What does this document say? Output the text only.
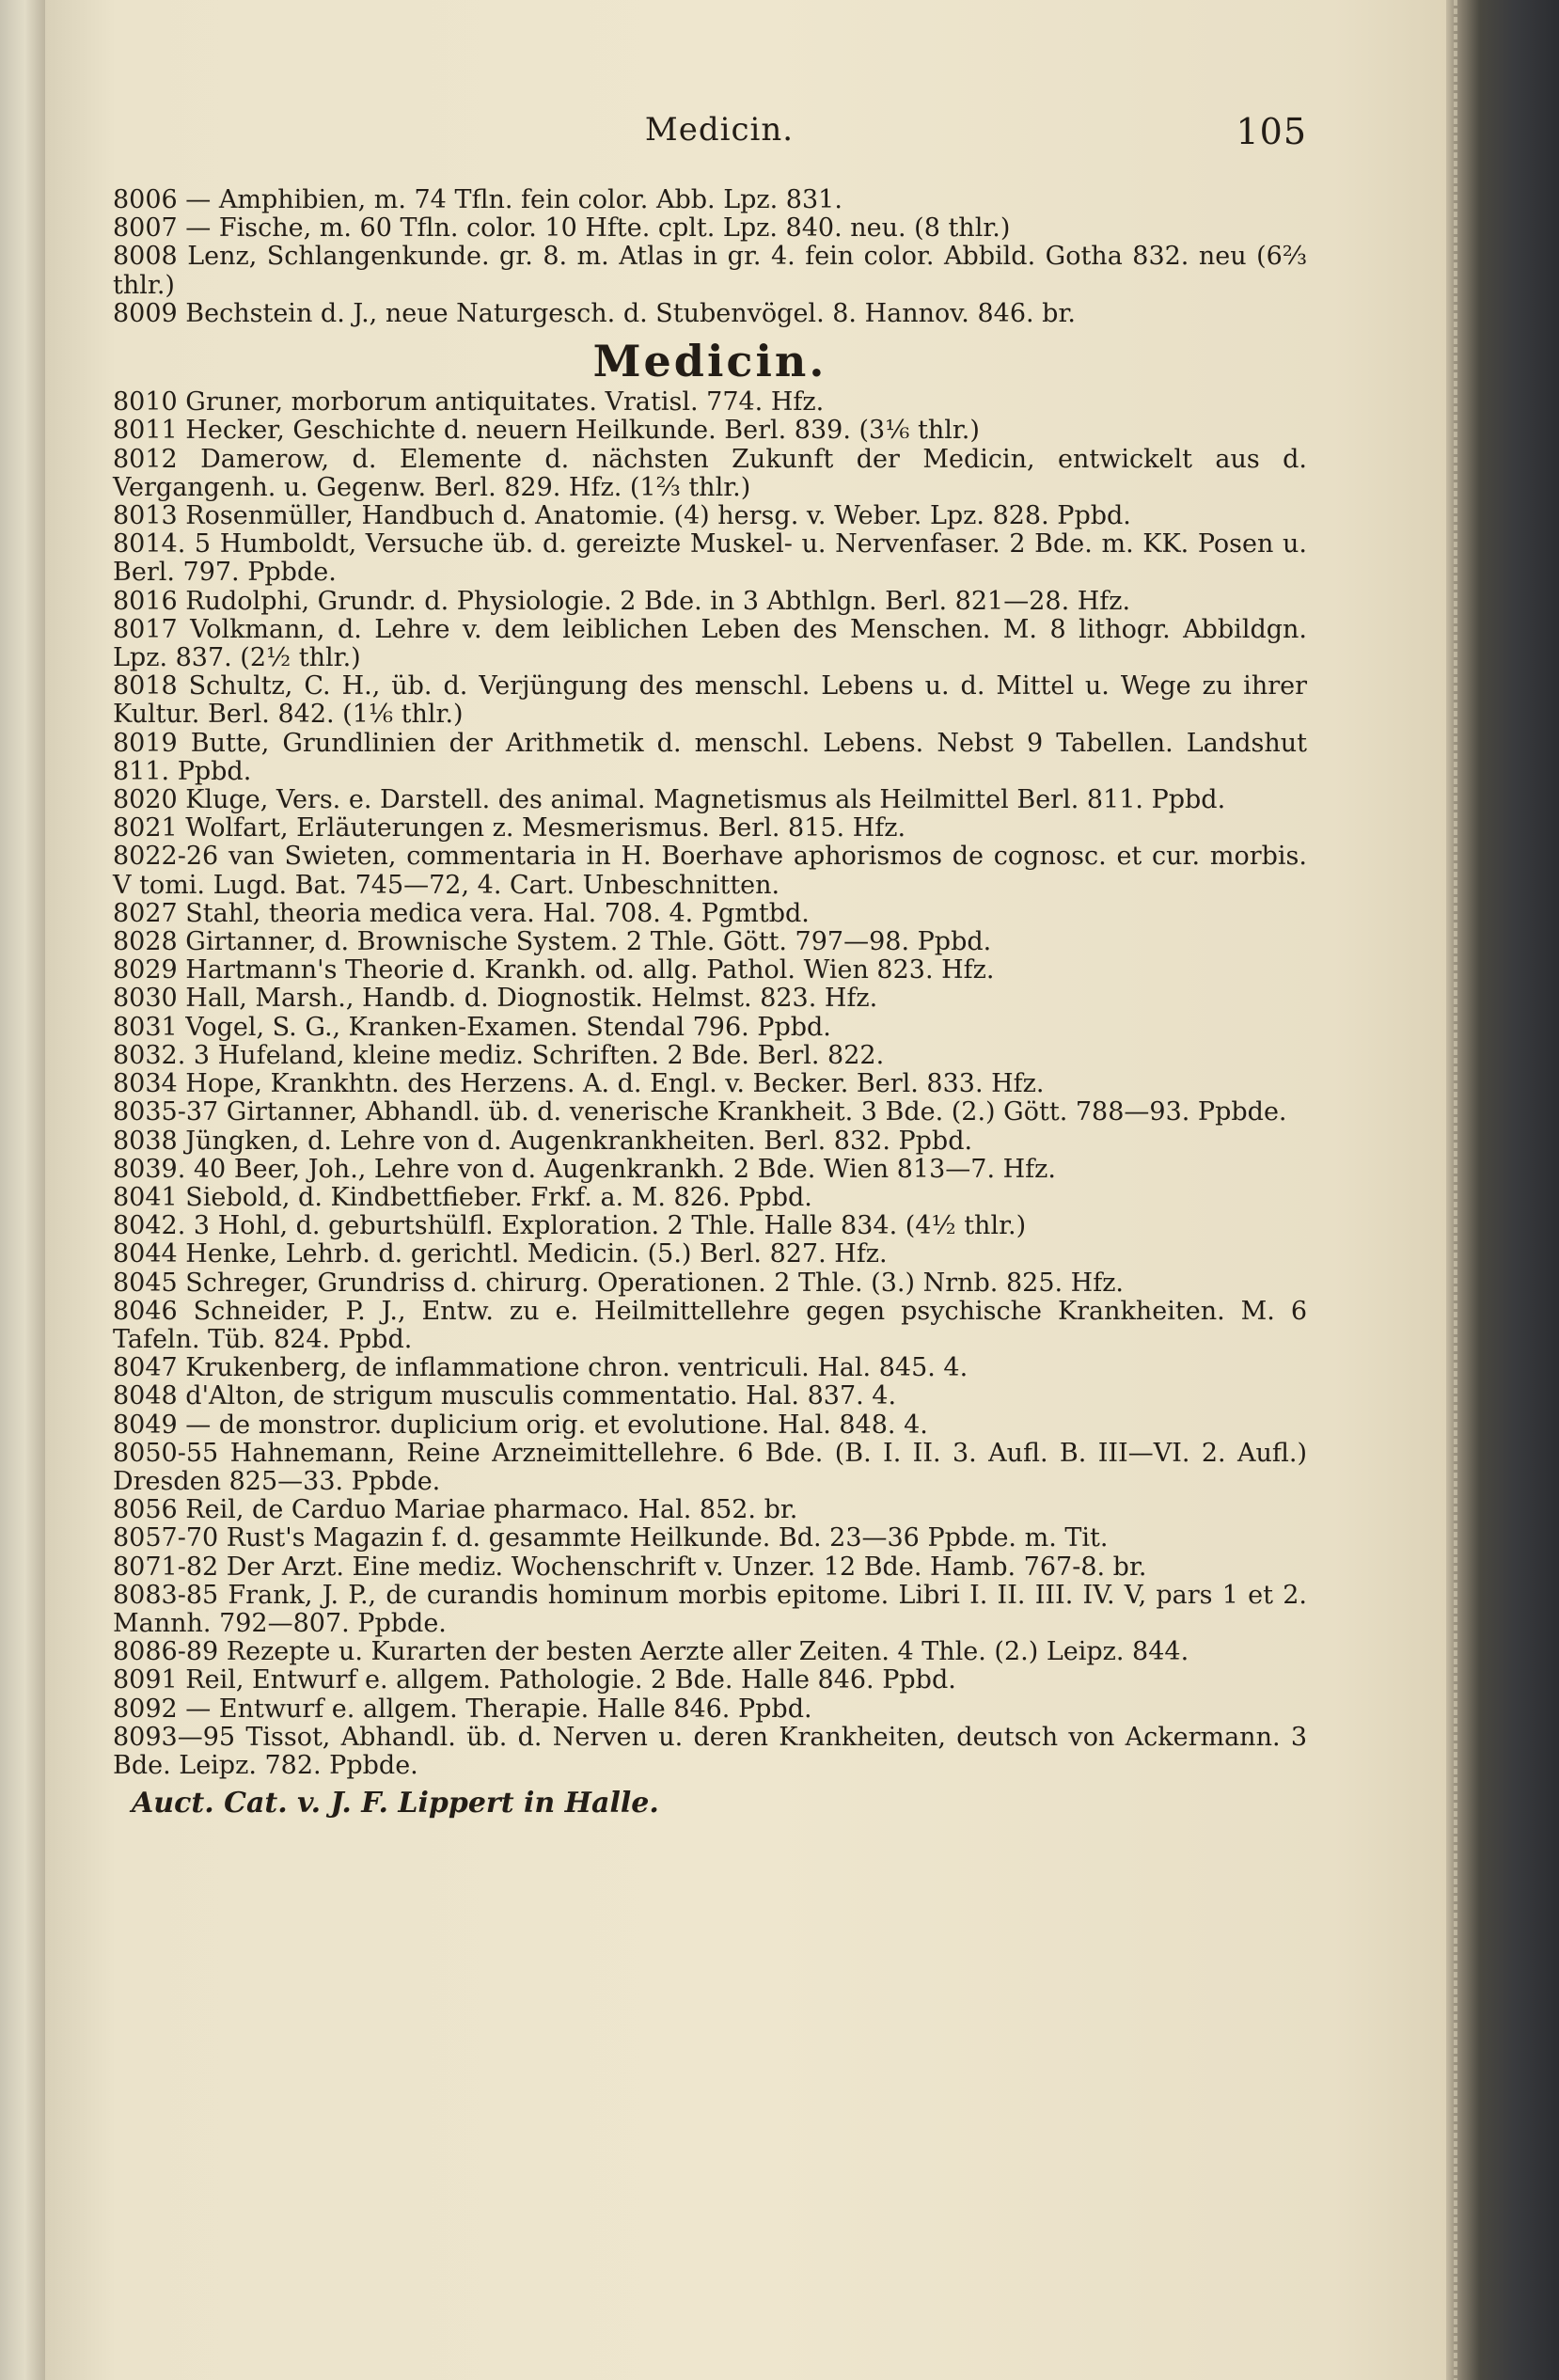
Medicin.	105
8006 — Amphibien, m. 74 Tfln. fein color. Abb. Lpz. 831.
8007 — Fische, m. 60 Tfln. color. 10 Hfte. cplt. Lpz. 840. neu. (8 thlr.)
8008 Lenz, Schlangenkunde. gr. 8. m. Atlas in gr. 4. fein color. Abbild. Gotha 832. neu (6⅔ thlr.)
8009 Bechstein d. J., neue Naturgesch. d. Stubenvögel. 8. Hannov. 846. br.
Medicin.
8010 Gruner, morborum antiquitates. Vratisl. 774. Hfz.
8011 Hecker, Geschichte d. neuern Heilkunde. Berl. 839. (3⅙ thlr.)
8012 Damerow, d. Elemente d. nächsten Zukunft der Medicin, entwickelt aus d. Vergangenh. u. Gegenw. Berl. 829. Hfz. (1⅔ thlr.)
8013 Rosenmüller, Handbuch d. Anatomie. (4) hersg. v. Weber. Lpz. 828. Ppbd.
8014. 5 Humboldt, Versuche üb. d. gereizte Muskel- u. Nervenfaser. 2 Bde. m. KK. Posen u. Berl. 797. Ppbde.
8016 Rudolphi, Grundr. d. Physiologie. 2 Bde. in 3 Abthlgn. Berl. 821—28. Hfz.
8017 Volkmann, d. Lehre v. dem leiblichen Leben des Menschen. M. 8 lithogr. Abbildgn. Lpz. 837. (2½ thlr.)
8018 Schultz, C. H., üb. d. Verjüngung des menschl. Lebens u. d. Mittel u. Wege zu ihrer Kultur. Berl. 842. (1⅙ thlr.)
8019 Butte, Grundlinien der Arithmetik d. menschl. Lebens. Nebst 9 Tabellen. Landshut 811. Ppbd.
8020 Kluge, Vers. e. Darstell. des animal. Magnetismus als Heilmittel Berl. 811. Ppbd.
8021 Wolfart, Erläuterungen z. Mesmerismus. Berl. 815. Hfz.
8022-26 van Swieten, commentaria in H. Boerhave aphorismos de cognosc. et cur. morbis. V tomi. Lugd. Bat. 745—72, 4. Cart. Unbeschnitten.
8027 Stahl, theoria medica vera. Hal. 708. 4. Pgmtbd.
8028 Girtanner, d. Brownische System. 2 Thle. Gött. 797—98. Ppbd.
8029 Hartmann's Theorie d. Krankh. od. allg. Pathol. Wien 823. Hfz.
8030 Hall, Marsh., Handb. d. Diognostik. Helmst. 823. Hfz.
8031 Vogel, S. G., Kranken-Examen. Stendal 796. Ppbd.
8032. 3 Hufeland, kleine mediz. Schriften. 2 Bde. Berl. 822.
8034 Hope, Krankhtn. des Herzens. A. d. Engl. v. Becker. Berl. 833. Hfz.
8035-37 Girtanner, Abhandl. üb. d. venerische Krankheit. 3 Bde. (2.) Gött. 788—93. Ppbde.
8038 Jüngken, d. Lehre von d. Augenkrankheiten. Berl. 832. Ppbd.
8039. 40 Beer, Joh., Lehre von d. Augenkrankh. 2 Bde. Wien 813—7. Hfz.
8041 Siebold, d. Kindbettfieber. Frkf. a. M. 826. Ppbd.
8042. 3 Hohl, d. geburtshülfl. Exploration. 2 Thle. Halle 834. (4½ thlr.)
8044 Henke, Lehrb. d. gerichtl. Medicin. (5.) Berl. 827. Hfz.
8045 Schreger, Grundriss d. chirurg. Operationen. 2 Thle. (3.) Nrnb. 825. Hfz.
8046 Schneider, P. J., Entw. zu e. Heilmittellehre gegen psychische Krankheiten. M. 6 Tafeln. Tüb. 824. Ppbd.
8047 Krukenberg, de inflammatione chron. ventriculi. Hal. 845. 4.
8048 d'Alton, de strigum musculis commentatio. Hal. 837. 4.
8049 — de monstror. duplicium orig. et evolutione. Hal. 848. 4.
8050-55 Hahnemann, Reine Arzneimittellehre. 6 Bde. (B. I. II. 3. Aufl. B. III—VI. 2. Aufl.) Dresden 825—33. Ppbde.
8056 Reil, de Carduo Mariae pharmaco. Hal. 852. br.
8057-70 Rust's Magazin f. d. gesammte Heilkunde. Bd. 23—36 Ppbde. m. Tit.
8071-82 Der Arzt. Eine mediz. Wochenschrift v. Unzer. 12 Bde. Hamb. 767-8. br.
8083-85 Frank, J. P., de curandis hominum morbis epitome. Libri I. II. III. IV. V, pars 1 et 2. Mannh. 792—807. Ppbde.
8086-89 Rezepte u. Kurarten der besten Aerzte aller Zeiten. 4 Thle. (2.) Leipz. 844.
8091 Reil, Entwurf e. allgem. Pathologie. 2 Bde. Halle 846. Ppbd.
8092 — Entwurf e. allgem. Therapie. Halle 846. Ppbd.
8093—95 Tissot, Abhandl. üb. d. Nerven u. deren Krankheiten, deutsch von Ackermann. 3 Bde. Leipz. 782. Ppbde.
Auct. Cat. v. J. F. Lippert in Halle.
